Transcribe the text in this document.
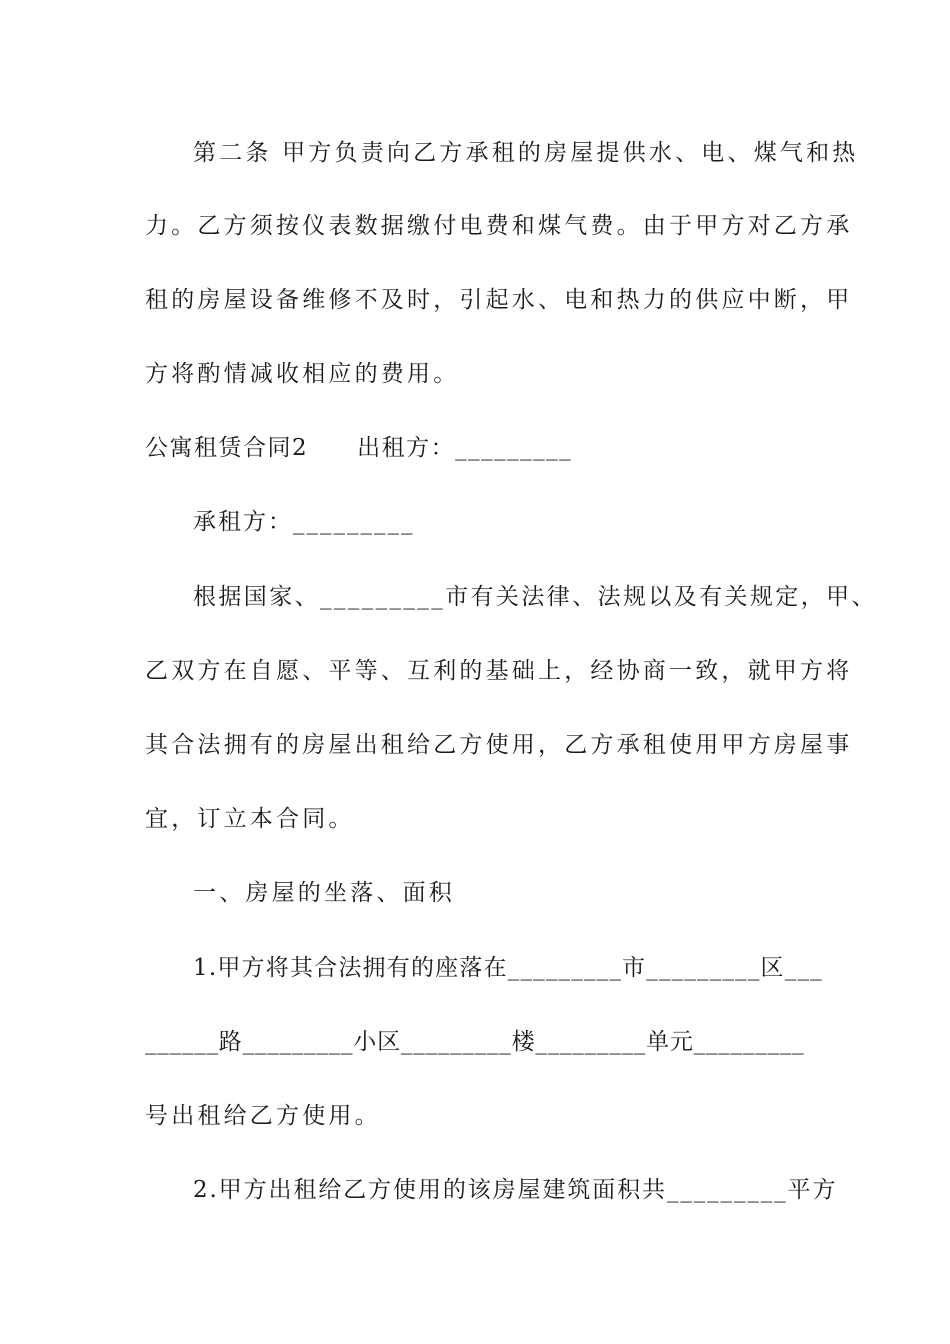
第二条 甲方负责向乙方承租的房屋提供水、电、煤气和热
力。乙方须按仪表数据缴付电费和煤气费。由于甲方对乙方承
租的房屋设备维修不及时，引起水、电和热力的供应中断，甲
方将酌情减收相应的费用。
公寓租赁合同2　　出租方：_________
承租方：_________
根据国家、_________市有关法律、法规以及有关规定，甲、
乙双方在自愿、平等、互利的基础上，经协商一致，就甲方将
其合法拥有的房屋出租给乙方使用，乙方承租使用甲方房屋事
宜，订立本合同。
一、房屋的坐落、面积
1.甲方将其合法拥有的座落在_________市_________区___
______路_________小区_________楼_________单元_________
号出租给乙方使用。
2.甲方出租给乙方使用的该房屋建筑面积共_________平方
